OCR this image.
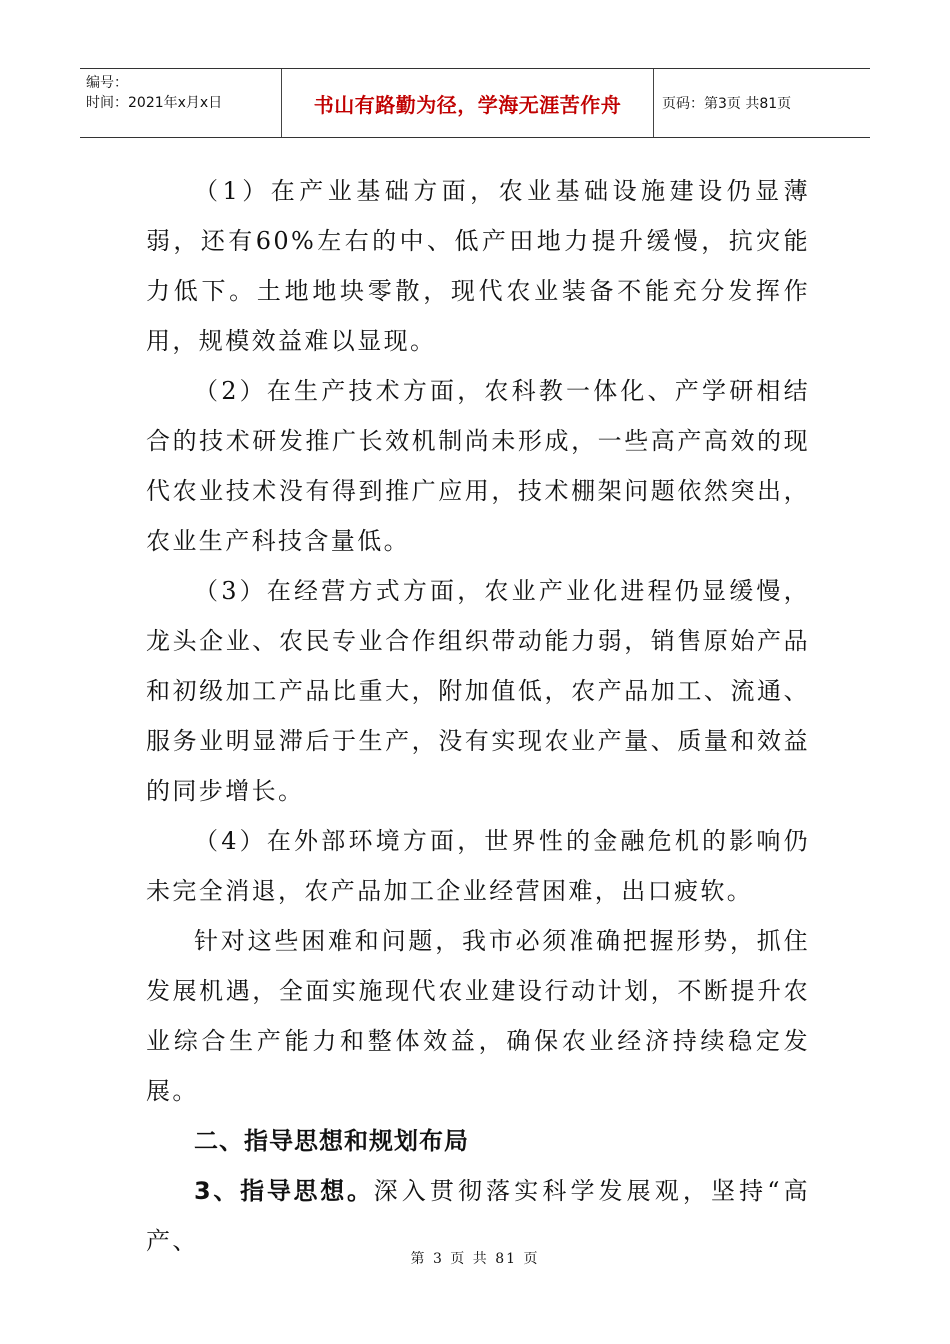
编号：
时间：2021年x月x日	书山有路勤为径，学海无涯苦作舟	页码：第3页 共81页

（1）在产业基础方面，农业基础设施建设仍显薄弱，还有60%左右的中、低产田地力提升缓慢，抗灾能力低下。土地地块零散，现代农业装备不能充分发挥作用，规模效益难以显现。

（2）在生产技术方面，农科教一体化、产学研相结合的技术研发推广长效机制尚未形成，一些高产高效的现代农业技术没有得到推广应用，技术棚架问题依然突出，农业生产科技含量低。

（3）在经营方式方面，农业产业化进程仍显缓慢，龙头企业、农民专业合作组织带动能力弱，销售原始产品和初级加工产品比重大，附加值低，农产品加工、流通、服务业明显滞后于生产，没有实现农业产量、质量和效益的同步增长。

（4）在外部环境方面，世界性的金融危机的影响仍未完全消退，农产品加工企业经营困难，出口疲软。

针对这些困难和问题，我市必须准确把握形势，抓住发展机遇，全面实施现代农业建设行动计划，不断提升农业综合生产能力和整体效益，确保农业经济持续稳定发展。

二、指导思想和规划布局

3、指导思想。深入贯彻落实科学发展观，坚持“高产、

第 3 页 共 81 页
